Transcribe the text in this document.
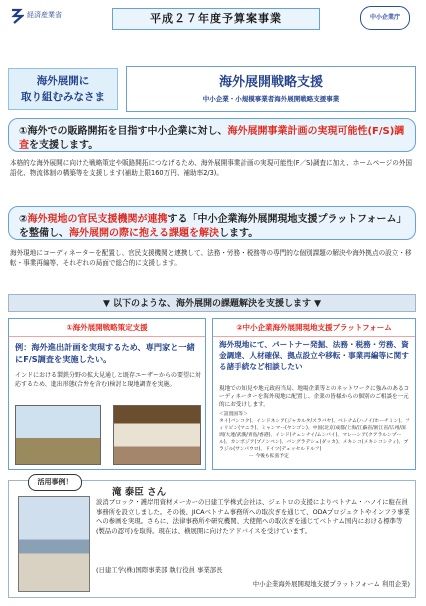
経済産業省	平成２７年度予算案事業	中小企業庁
海外展開に
取り組むみなさま
海外展開戦略支援
中小企業・小規模事業者海外展開戦略支援事業
①海外での販路開拓を目指す中小企業に対し、海外展開事業計画の実現可能性(F/S)調査を支援します。
本格的な海外展開に向けた戦略策定や販路開拓につなげるため、海外展開事業計画の実現可能性(F／S)調査に加え、ホームページの外国語化、物流体制の構築等を支援します(補助上限160万円、補助率2/3)。
②海外現地の官民支援機関が連携する「中小企業海外展開現地支援プラットフォーム」を整備し、海外展開の際に抱える課題を解決します。
海外現地にコーディネーターを配置し、官民支援機関と連携して、法務・労務・税務等の専門的な個別課題の解決や海外拠点の設立・移転・事業再編等、それぞれの局面で総合的に支援します。
▼ 以下のような、海外展開の課題解決を支援します ▼
①海外展開戦略策定支援
例：海外進出計画を実現するため、専門家と一緒にF/S調査を実施したい。
インドにおける製鉄分野の拡大見通しと既存ユーザーからの要望に対応するため、進出形態(合弁を含む)検討と現地調査を実施。
②中小企業海外展開現地支援プラットフォーム
海外現地にて、パートナー発掘、法務・税務・労務、資金調達、人材確保、拠点設立や移転・事業再編等に関する諸手続など相談したい
現地での知見や地元政府当局、地場企業等とのネットワークに強みのあるコーディネーターを海外現地に配置し、企業の皆様からの個別のご相談を一元的にお受けします。
＜設置国等＞
タイ(バンコク)、インドネシア(ジャカルタ/スラバヤ)、ベトナム(ハノイ/ホーチミン)、フィリピン(マニラ)、ミャンマー(ヤンゴン)、中国(北京/成都/上海/江蘇省/浙江省/広州/深圳/大連/武漢/青島/香港)、インド(チェンナイ/ムンバイ)、マレーシア(クアラルンプール)、カンボジア(プノンペン)、バングラデシュ(ダッカ)、メキシコ(メキシコシティ)、ブラジル(サンパウロ)、ドイツ(デュッセルドルフ)
ー 今後も拡張予定
活用事例！
滝 泰臣 さん
波消ブロック・護岸用資材メーカーの日建工学株式会社は、ジェトロの支援によりベトナム・ハノイに駐在員事務所を設立しました。その後、JICAベトナム事務所への取次ぎを通じて、ODAプロジェクトやインフラ事業への参画を実現。さらに、法律事務所や研究機関、大使館への取次ぎを通じてベトナム国内における標準等(製品の認可)を取得。現在は、横展開に向けたアドバイスを受けています。
(日建工学(株)国際事業部 執行役員 事業部長
中小企業海外展開現地支援プラットフォーム 利用企業)
